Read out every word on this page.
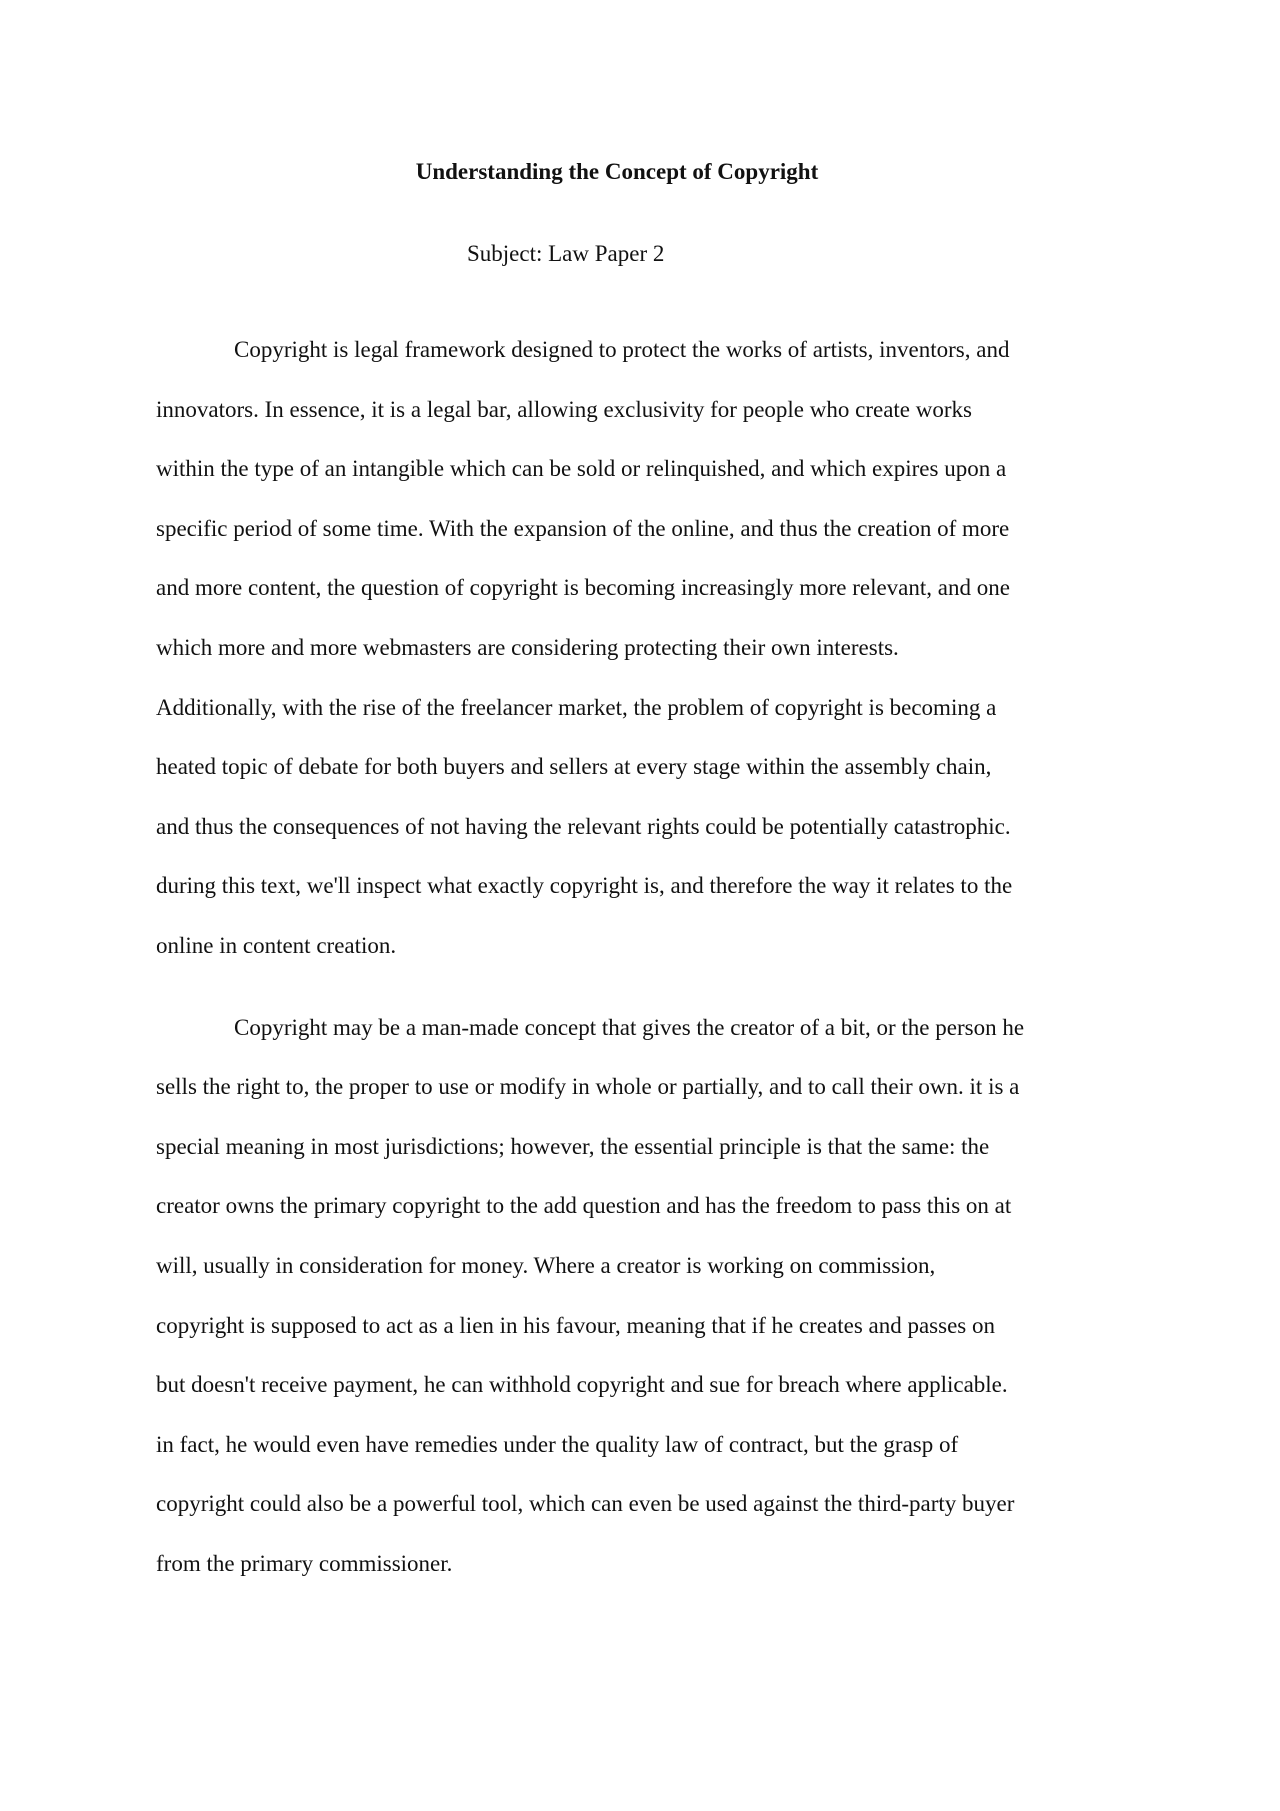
Understanding the Concept of Copyright

Subject: Law Paper 2

Copyright is legal framework designed to protect the works of artists, inventors, and
innovators. In essence, it is a legal bar, allowing exclusivity for people who create works
within the type of an intangible which can be sold or relinquished, and which expires upon a
specific period of some time. With the expansion of the online, and thus the creation of more
and more content, the question of copyright is becoming increasingly more relevant, and one
which more and more webmasters are considering protecting their own interests.
Additionally, with the rise of the freelancer market, the problem of copyright is becoming a
heated topic of debate for both buyers and sellers at every stage within the assembly chain,
and thus the consequences of not having the relevant rights could be potentially catastrophic.
during this text, we'll inspect what exactly copyright is, and therefore the way it relates to the
online in content creation.

Copyright may be a man-made concept that gives the creator of a bit, or the person he
sells the right to, the proper to use or modify in whole or partially, and to call their own. it is a
special meaning in most jurisdictions; however, the essential principle is that the same: the
creator owns the primary copyright to the add question and has the freedom to pass this on at
will, usually in consideration for money. Where a creator is working on commission,
copyright is supposed to act as a lien in his favour, meaning that if he creates and passes on
but doesn't receive payment, he can withhold copyright and sue for breach where applicable.
in fact, he would even have remedies under the quality law of contract, but the grasp of
copyright could also be a powerful tool, which can even be used against the third-party buyer
from the primary commissioner.
